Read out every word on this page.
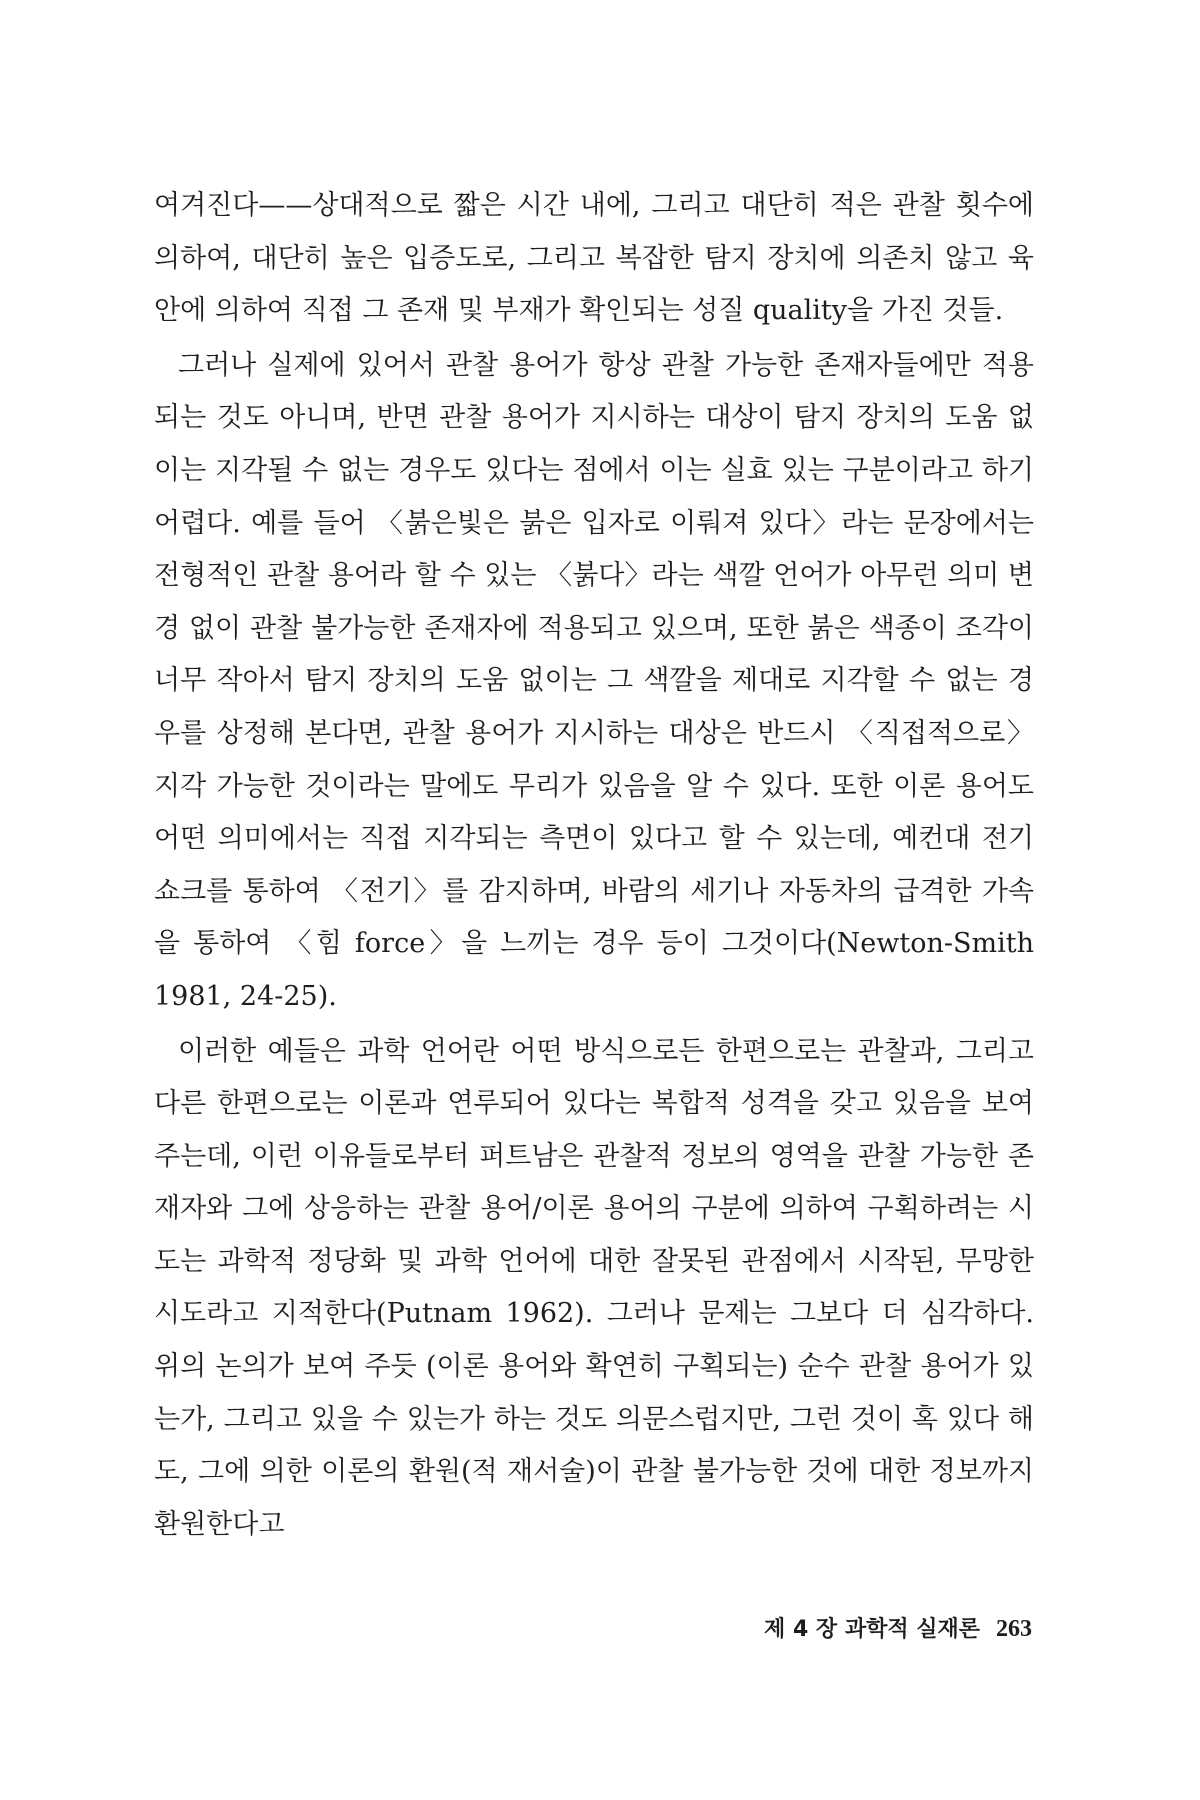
여겨진다——상대적으로 짧은 시간 내에, 그리고 대단히 적은 관찰 횟수에 의하여, 대단히 높은 입증도로, 그리고 복잡한 탐지 장치에 의존치 않고 육안에 의하여 직접 그 존재 및 부재가 확인되는 성질 quality을 가진 것들.

그러나 실제에 있어서 관찰 용어가 항상 관찰 가능한 존재자들에만 적용되는 것도 아니며, 반면 관찰 용어가 지시하는 대상이 탐지 장치의 도움 없이는 지각될 수 없는 경우도 있다는 점에서 이는 실효 있는 구분이라고 하기 어렵다. 예를 들어 〈붉은빛은 붉은 입자로 이뤄져 있다〉라는 문장에서는 전형적인 관찰 용어라 할 수 있는 〈붉다〉라는 색깔 언어가 아무런 의미 변경 없이 관찰 불가능한 존재자에 적용되고 있으며, 또한 붉은 색종이 조각이 너무 작아서 탐지 장치의 도움 없이는 그 색깔을 제대로 지각할 수 없는 경우를 상정해 본다면, 관찰 용어가 지시하는 대상은 반드시 〈직접적으로〉 지각 가능한 것이라는 말에도 무리가 있음을 알 수 있다. 또한 이론 용어도 어떤 의미에서는 직접 지각되는 측면이 있다고 할 수 있는데, 예컨대 전기 쇼크를 통하여 〈전기〉를 감지하며, 바람의 세기나 자동차의 급격한 가속을 통하여 〈힘 force〉을 느끼는 경우 등이 그것이다(Newton-Smith 1981, 24-25).

이러한 예들은 과학 언어란 어떤 방식으로든 한편으로는 관찰과, 그리고 다른 한편으로는 이론과 연루되어 있다는 복합적 성격을 갖고 있음을 보여 주는데, 이런 이유들로부터 퍼트남은 관찰적 정보의 영역을 관찰 가능한 존재자와 그에 상응하는 관찰 용어/이론 용어의 구분에 의하여 구획하려는 시도는 과학적 정당화 및 과학 언어에 대한 잘못된 관점에서 시작된, 무망한 시도라고 지적한다(Putnam 1962). 그러나 문제는 그보다 더 심각하다. 위의 논의가 보여 주듯 (이론 용어와 확연히 구획되는) 순수 관찰 용어가 있는가, 그리고 있을 수 있는가 하는 것도 의문스럽지만, 그런 것이 혹 있다 해도, 그에 의한 이론의 환원(적 재서술)이 관찰 불가능한 것에 대한 정보까지 환원한다고

제 4 장 과학적 실재론 263
